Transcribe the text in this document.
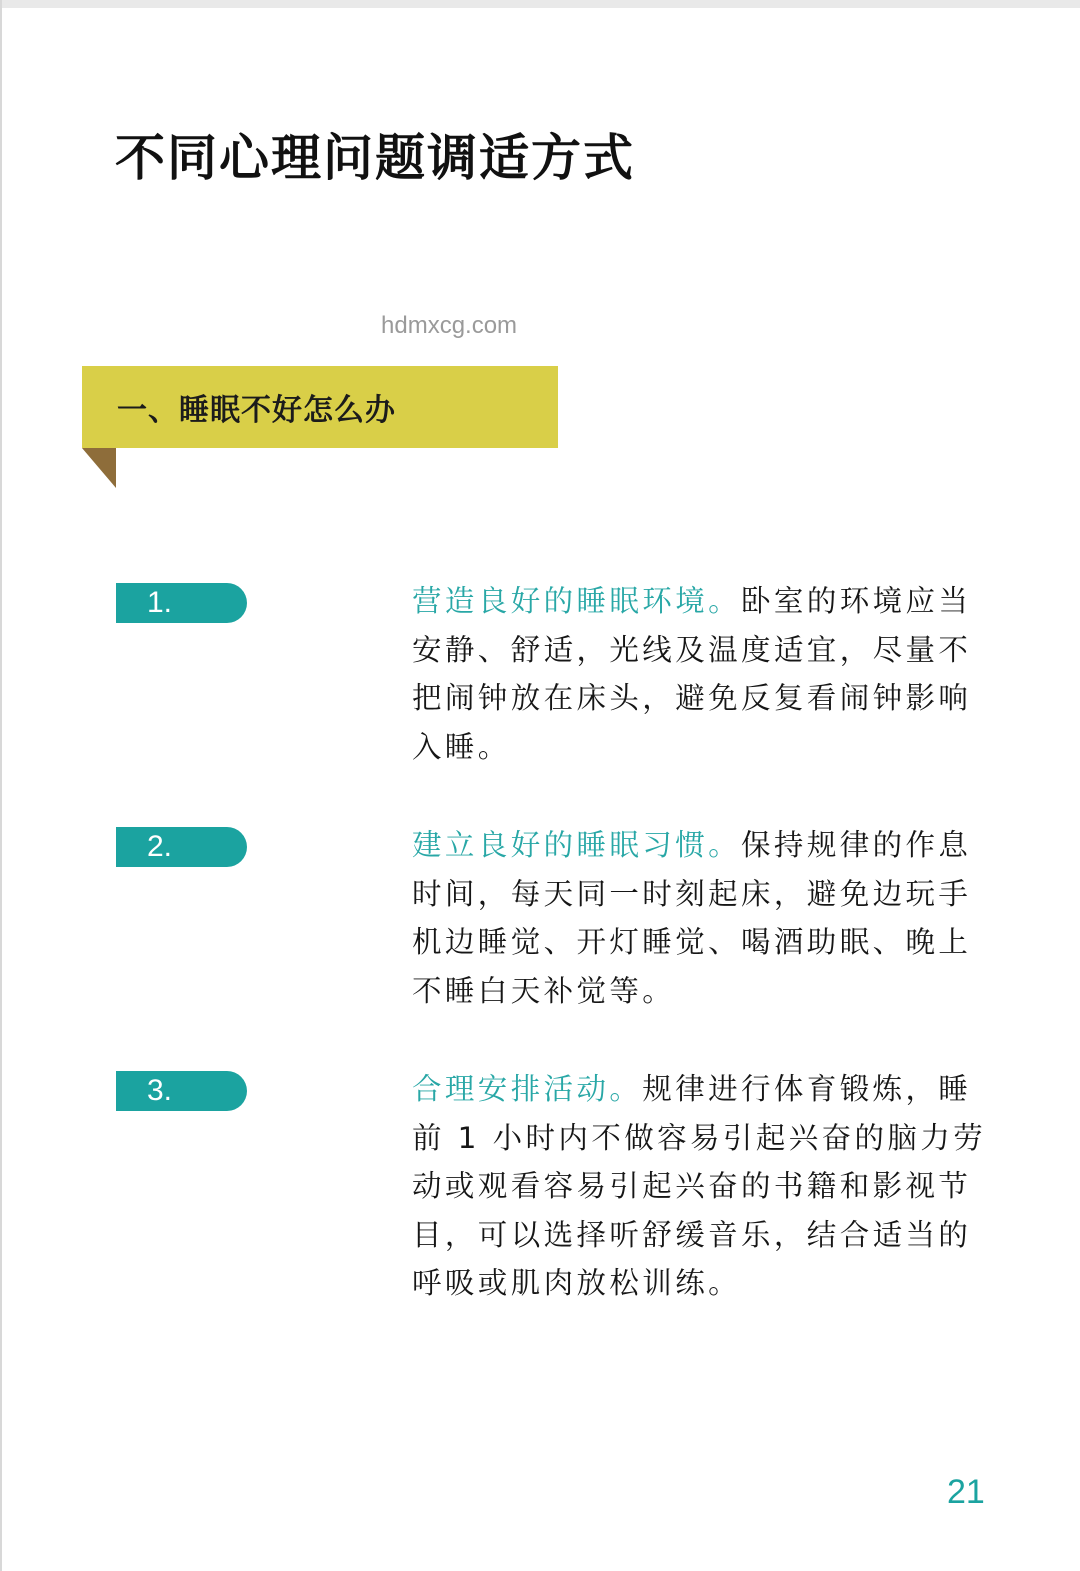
不同心理问题调适方式
hdmxcg.com
一、睡眠不好怎么办
1.	营造良好的睡眠环境。卧室的环境应当安静、舒适，光线及温度适宜，尽量不把闹钟放在床头，避免反复看闹钟影响入睡。
2.	建立良好的睡眠习惯。保持规律的作息时间，每天同一时刻起床，避免边玩手机边睡觉、开灯睡觉、喝酒助眠、晚上不睡白天补觉等。
3.	合理安排活动。规律进行体育锻炼，睡前 1 小时内不做容易引起兴奋的脑力劳动或观看容易引起兴奋的书籍和影视节目，可以选择听舒缓音乐，结合适当的呼吸或肌肉放松训练。
21
